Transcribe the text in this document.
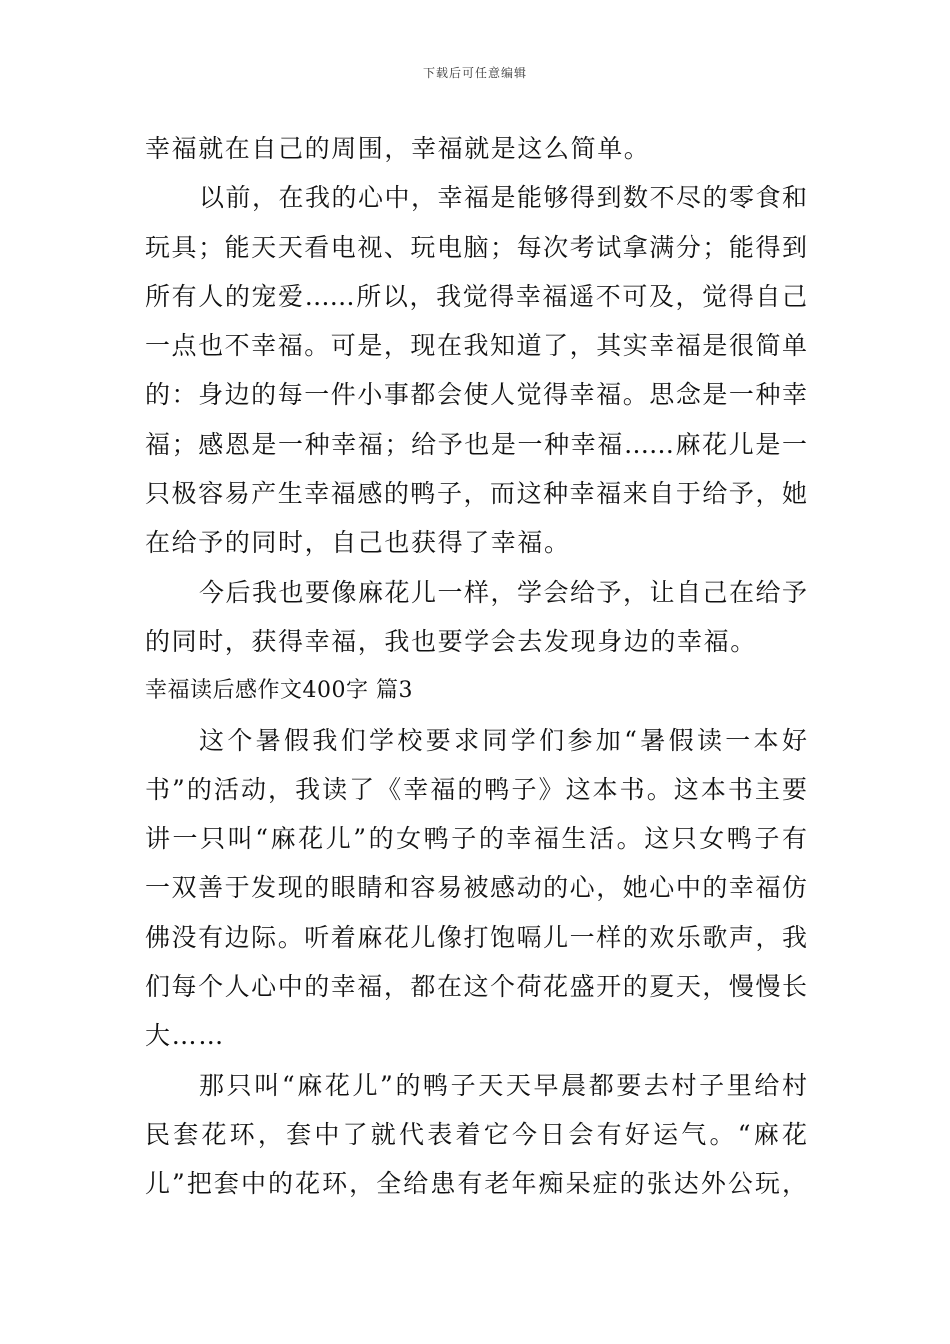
下载后可任意编辑
幸福就在自己的周围，幸福就是这么简单。
以前，在我的心中，幸福是能够得到数不尽的零食和
玩具；能天天看电视、玩电脑；每次考试拿满分；能得到
所有人的宠爱……所以，我觉得幸福遥不可及，觉得自己
一点也不幸福。可是，现在我知道了，其实幸福是很简单
的：身边的每一件小事都会使人觉得幸福。思念是一种幸
福；感恩是一种幸福；给予也是一种幸福……麻花儿是一
只极容易产生幸福感的鸭子，而这种幸福来自于给予，她
在给予的同时，自己也获得了幸福。
今后我也要像麻花儿一样，学会给予，让自己在给予
的同时，获得幸福，我也要学会去发现身边的幸福。
幸福读后感作文400字 篇3
这个暑假我们学校要求同学们参加“暑假读一本好
书”的活动，我读了《幸福的鸭子》这本书。这本书主要
讲一只叫“麻花儿”的女鸭子的幸福生活。这只女鸭子有
一双善于发现的眼睛和容易被感动的心，她心中的幸福仿
佛没有边际。听着麻花儿像打饱嗝儿一样的欢乐歌声，我
们每个人心中的幸福，都在这个荷花盛开的夏天，慢慢长
大……
那只叫“麻花儿”的鸭子天天早晨都要去村子里给村
民套花环，套中了就代表着它今日会有好运气。“麻花
儿”把套中的花环，全给患有老年痴呆症的张达外公玩，
